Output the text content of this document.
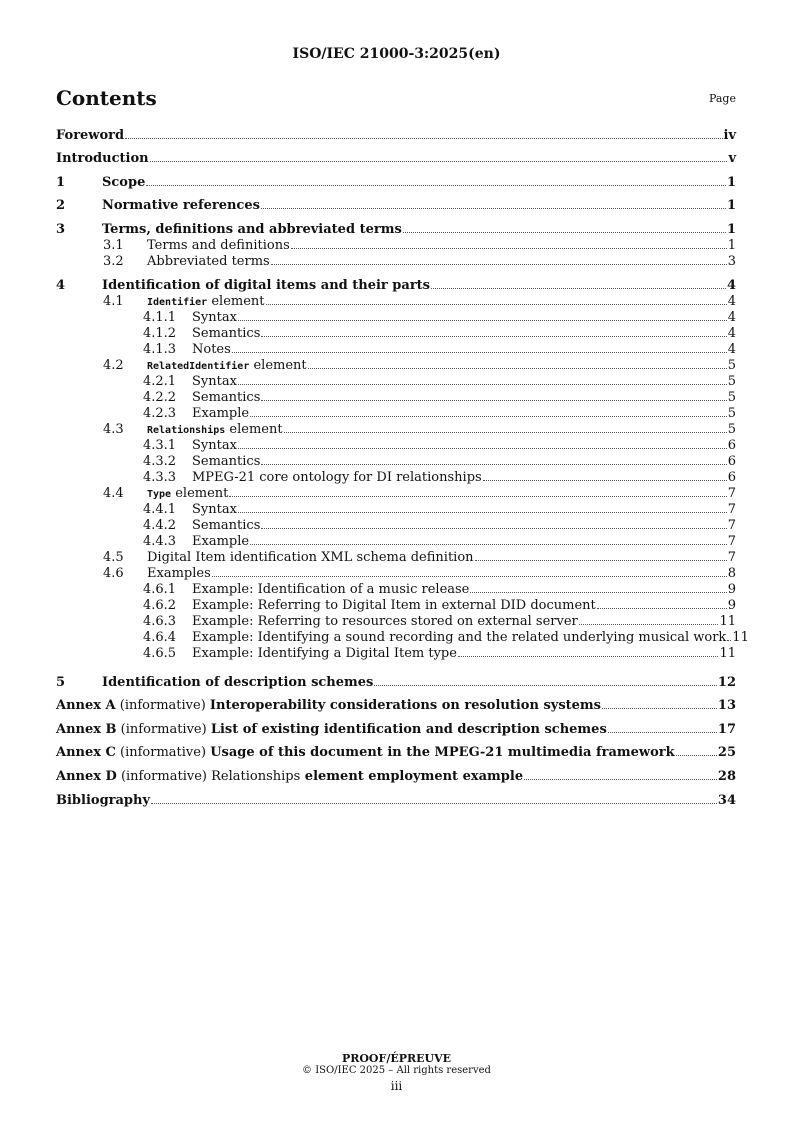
ISO/IEC 21000-3:2025(en)
Contents	Page
Foreword	iv
Introduction	v
1	Scope	1
2	Normative references	1
3	Terms, definitions and abbreviated terms	1
3.1	Terms and definitions	1
3.2	Abbreviated terms	3
4	Identification of digital items and their parts	4
4.1	Identifier element	4
4.1.1	Syntax	4
4.1.2	Semantics	4
4.1.3	Notes	4
4.2	RelatedIdentifier element	5
4.2.1	Syntax	5
4.2.2	Semantics	5
4.2.3	Example	5
4.3	Relationships element	5
4.3.1	Syntax	6
4.3.2	Semantics	6
4.3.3	MPEG-21 core ontology for DI relationships	6
4.4	Type element	7
4.4.1	Syntax	7
4.4.2	Semantics	7
4.4.3	Example	7
4.5	Digital Item identification XML schema definition	7
4.6	Examples	8
4.6.1	Example: Identification of a music release	9
4.6.2	Example: Referring to Digital Item in external DID document	9
4.6.3	Example: Referring to resources stored on external server	11
4.6.4	Example: Identifying a sound recording and the related underlying musical work 11
4.6.5	Example: Identifying a Digital Item type	11
5	Identification of description schemes	12
Annex A (informative) Interoperability considerations on resolution systems	13
Annex B (informative) List of existing identification and description schemes	17
Annex C (informative) Usage of this document in the MPEG-21 multimedia framework	25
Annex D (informative) Relationships element employment example	28
Bibliography	34
PROOF/ÉPREUVE
© ISO/IEC 2025 – All rights reserved
iii
